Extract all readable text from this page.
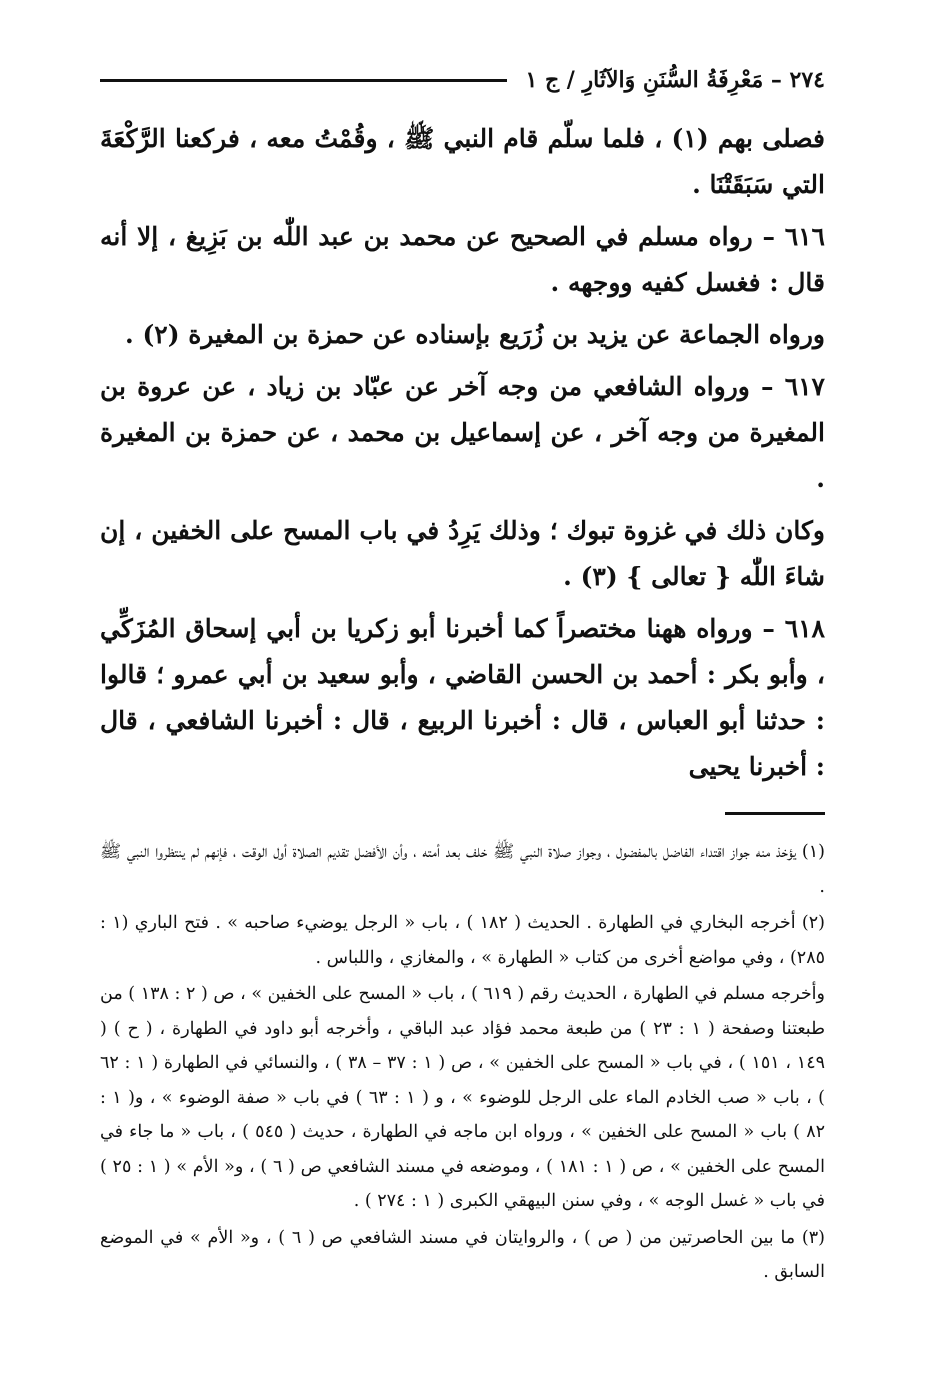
٢٧٤ – مَعْرِفَةُ السُّنَنِ وَالآثَارِ / ج ١

فصلى بهم (١) ، فلما سلّم قام النبي ﷺ ، وقُمْتُ معه ، فركعنا الرَّكْعَةَ التي سَبَقَتْنَا .

٦١٦ – رواه مسلم في الصحيح عن محمد بن عبد اللّٰه بن بَزِيغ ، إلا أنه قال : فغسل كفيه ووجهه .

ورواه الجماعة عن يزيد بن زُرَيع بإسناده عن حمزة بن المغيرة (٢) .

٦١٧ – ورواه الشافعي من وجه آخر عن عبّاد بن زياد ، عن عروة بن المغيرة من وجه آخر ، عن إسماعيل بن محمد ، عن حمزة بن المغيرة .

وكان ذلك في غزوة تبوك ؛ وذلك يَرِدُ في باب المسح على الخفين ، إن شاءَ اللّٰه { تعالى } (٣) .

٦١٨ – ورواه ههنا مختصراً كما أخبرنا أبو زكريا بن أبي إسحاق المُزَكِّي ، وأبو بكر : أحمد بن الحسن القاضي ، وأبو سعيد بن أبي عمرو ؛ قالوا : حدثنا أبو العباس ، قال : أخبرنا الربيع ، قال : أخبرنا الشافعي ، قال : أخبرنا يحيى

(١) يؤخذ منه جواز اقتداء الفاضل بالمفضول ، وجواز صلاة النبي ﷺ خلف بعد أمته ، وأن الأفضل تقديم الصلاة أول الوقت ، فإنهم لم ينتظروا النبي ﷺ .

(٢) أخرجه البخاري في الطهارة . الحديث ( ١٨٢ ) ، باب « الرجل يوضيء صاحبه » . فتح الباري (١ : ٢٨٥) ، وفي مواضع أخرى من كتاب « الطهارة » ، والمغازي ، واللباس .

وأخرجه مسلم في الطهارة ، الحديث رقم ( ٦١٩ ) ، باب « المسح على الخفين » ، ص ( ٢ : ١٣٨ ) من طبعتنا وصفحة ( ١ : ٢٣ ) من طبعة محمد فؤاد عبد الباقي ، وأخرجه أبو داود في الطهارة ، ( ح ) ( ١٤٩ ، ١٥١ ) ، في باب « المسح على الخفين » ، ص ( ١ : ٣٧ – ٣٨ ) ، والنسائي في الطهارة ( ١ : ٦٢ ) ، باب « صب الخادم الماء على الرجل للوضوء » ، و ( ١ : ٦٣ ) في باب « صفة الوضوء » ، و( ١ : ٨٢ ) باب « المسح على الخفين » ، ورواه ابن ماجه في الطهارة ، حديث ( ٥٤٥ ) ، باب « ما جاء في المسح على الخفين » ، ص ( ١ : ١٨١ ) ، وموضعه في مسند الشافعي ص ( ٦ ) ، و« الأم » ( ١ : ٢٥ ) في باب « غسل الوجه » ، وفي سنن البيهقي الكبرى ( ١ : ٢٧٤ ) .

(٣) ما بين الحاصرتين من ( ص ) ، والروايتان في مسند الشافعي ص ( ٦ ) ، و« الأم » في الموضع السابق .
